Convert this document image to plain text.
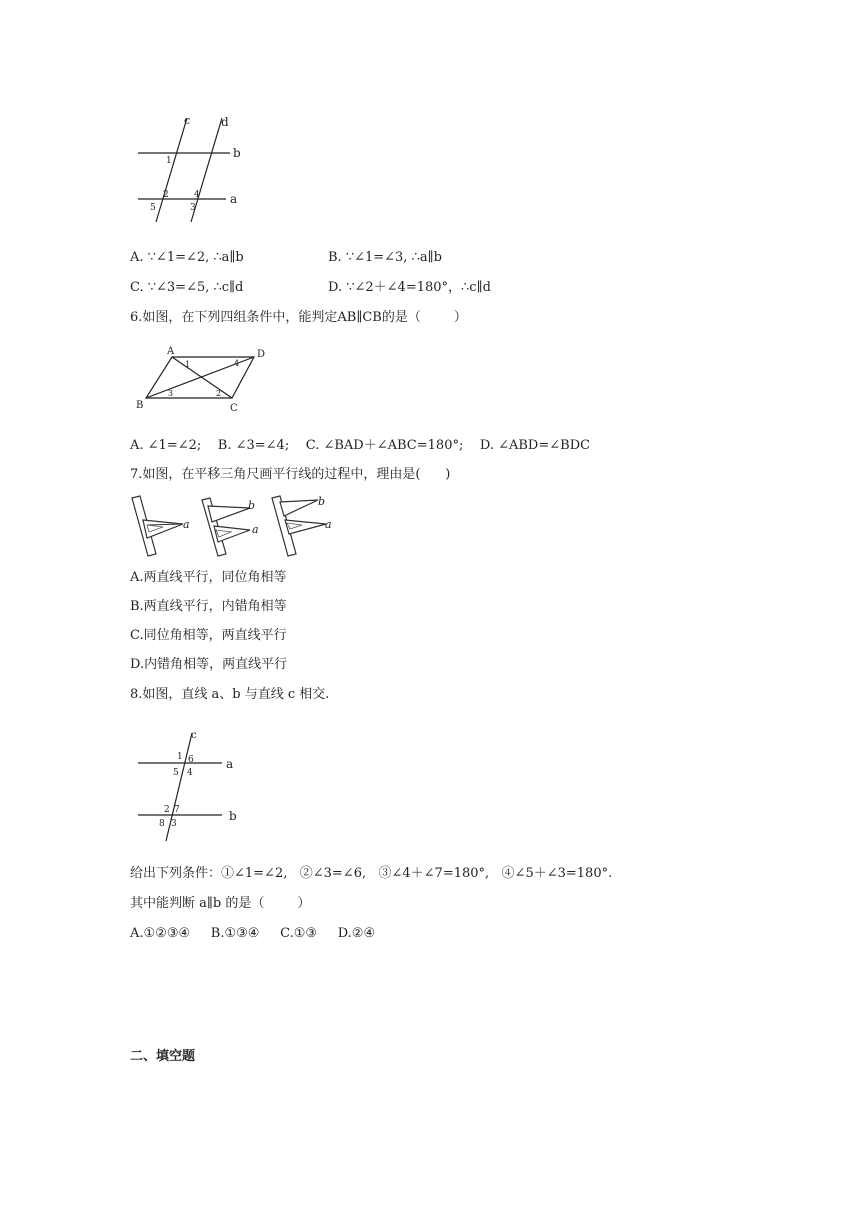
c	d
b
a
1
2	4
5	3
A. ∵∠1=∠2, ∴a∥b	B. ∵∠1=∠3, ∴a∥b
C. ∵∠3=∠5, ∴c∥d	D. ∵∠2＋∠4=180°，∴c∥d
6.如图，在下列四组条件中，能判定AB∥CB的是（        ）
A	D
B	C
1	4
3	2
A. ∠1=∠2;    B. ∠3=∠4;    C. ∠BAD＋∠ABC=180°;    D. ∠ABD=∠BDC
7.如图，在平移三角尺画平行线的过程中，理由是(      )
a
b
a
b
a
A.两直线平行，同位角相等
B.两直线平行，内错角相等
C.同位角相等，两直线平行
D.内错角相等，两直线平行
8.如图，直线 a、b 与直线 c 相交.
c
a
b
1 6
5 4
2 7
8 3
给出下列条件：①∠1=∠2,   ②∠3=∠6,   ③∠4＋∠7=180°,   ④∠5＋∠3=180°.
其中能判断 a∥b 的是（        ）
A.①②③④     B.①③④     C.①③     D.②④
二、填空题
